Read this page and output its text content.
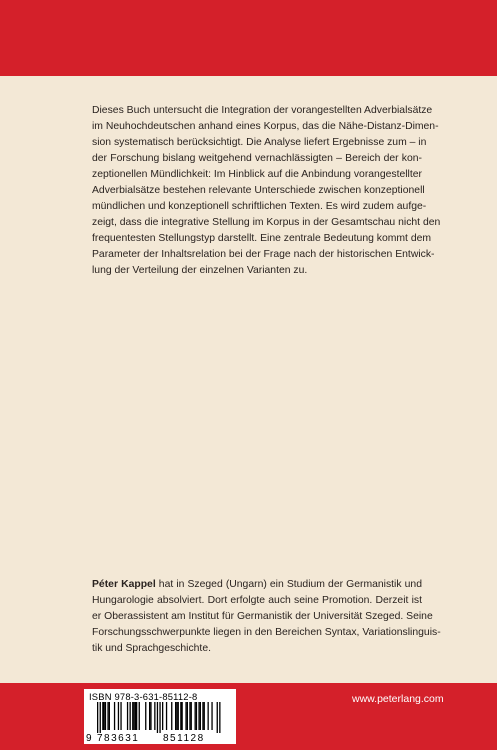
Dieses Buch untersucht die Integration der vorangestellten Adverbialsätze
im Neuhochdeutschen anhand eines Korpus, das die Nähe-Distanz-Dimen-
sion systematisch berücksichtigt. Die Analyse liefert Ergebnisse zum – in
der Forschung bislang weitgehend vernachlässigten – Bereich der kon-
zeptionellen Mündlichkeit: Im Hinblick auf die Anbindung vorangestellter
Adverbialsätze bestehen relevante Unterschiede zwischen konzeptionell
mündlichen und konzeptionell schriftlichen Texten. Es wird zudem aufge-
zeigt, dass die integrative Stellung im Korpus in der Gesamtschau nicht den
frequentesten Stellungstyp darstellt. Eine zentrale Bedeutung kommt dem
Parameter der Inhaltsrelation bei der Frage nach der historischen Entwick-
lung der Verteilung der einzelnen Varianten zu.
Péter Kappel hat in Szeged (Ungarn) ein Studium der Germanistik und
Hungarologie absolviert. Dort erfolgte auch seine Promotion. Derzeit ist
er Oberassistent am Institut für Germanistik der Universität Szeged. Seine
Forschungsschwerpunkte liegen in den Bereichen Syntax, Variationslinguis-
tik und Sprachgeschichte.
ISBN 978-3-631-85112-8
9 783631 851128
www.peterlang.com
